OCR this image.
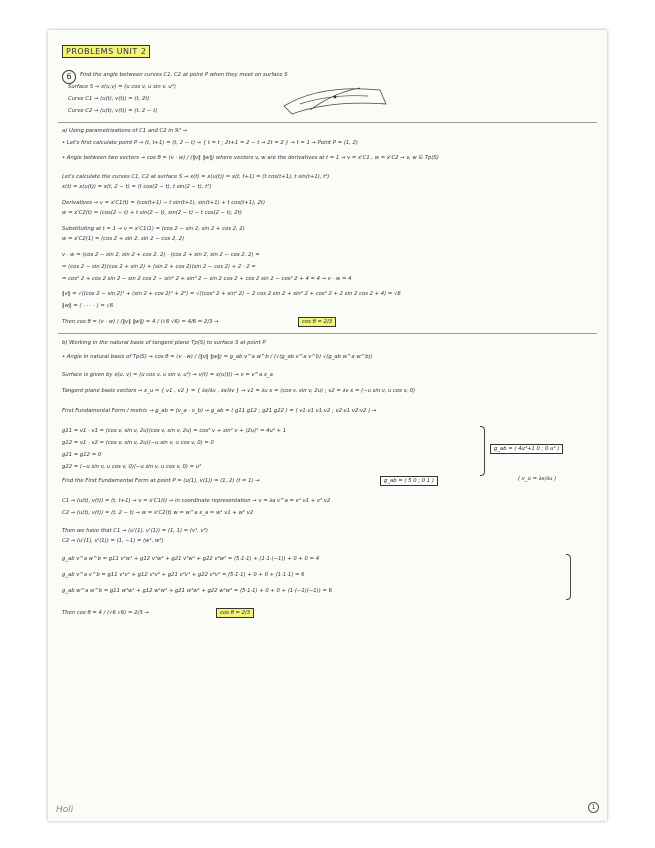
PROBLEMS UNIT 2
6	Find the angle between curves C1, C2 at point P when they meet on surface S
Surface S → x(u,v) = (u cos v, u sin v, u²)
Curve C1 → (u(t), v(t)) = (t, 2t)
Curve C2 → (u(t), v(t)) = (t, 2 − t)
a) Using parametrizations of C1 and C2 in ℝ³ →
• Let's first calculate point P → (t, t+1) = (t, 2 − t) → { t = t ; 2t+1 = 2 − t → 2t = 2 } → t = 1 → Point P = (1, 2)
• Angle between two vectors → cos θ = (v · w) / (‖v‖ ‖w‖) where vectors v, w are the derivatives at t = 1 → v = x'C1 , w = x'C2 → v, w ∈ Tp(S)
Let's calculate the curves C1, C2 at surface S → x(t) = x(u(t)) = x(t, t+1) = (t cos(t+1), t sin(t+1), t²)
x(t) = x(u(t)) = x(t, 2 − t) = (t cos(2 − t), t sin(2 − t), t²)
Derivatives → v = x'C1(t) = (cos(t+1) − t sin(t+1), sin(t+1) + t cos(t+1), 2t)
w = x'C2(t) = (cos(2 − t) + t sin(2 − t), sin(2 − t) − t cos(2 − t), 2t)
Substituting at t = 1 → v = x'C1(1) = (cos 2 − sin 2, sin 2 + cos 2, 2)
w = x'C2(1) = (cos 2 + sin 2, sin 2 − cos 2, 2)
v · w = (cos 2 − sin 2, sin 2 + cos 2, 2) · (cos 2 + sin 2, sin 2 − cos 2, 2) =
= (cos 2 − sin 2)(cos 2 + sin 2) + (sin 2 + cos 2)(sin 2 − cos 2) + 2 · 2 =
= cos² 2 + cos 2 sin 2 − sin 2 cos 2 − sin² 2 + sin² 2 − sin 2 cos 2 + cos 2 sin 2 − cos² 2 + 4 = 4 → v · w = 4
‖v‖ = √((cos 2 − sin 2)² + (sin 2 + cos 2)² + 2²) = √((cos² 2 + sin² 2) − 2 cos 2 sin 2 + sin² 2 + cos² 2 + 2 sin 2 cos 2 + 4) = √6
‖w‖ = ( · · · · ) = √6
Then cos θ = (v · w) / (‖v‖ ‖w‖) = 4 / (√6 √6) = 4/6 = 2/3 →	cos θ = 2/3
b) Working in the natural basis of tangent plane Tp(S) to surface S at point P
• Angle in natural basis of Tp(S) → cos θ = (v · w) / (‖v‖ ‖w‖) = g_ab v^a w^b / (√(g_ab v^a v^b) √(g_ab w^a w^b))
Surface is given by x(u, v) = (u cos v, u sin v, u²) → v(t) = x(u(t)) → v = v^a x_a
Tangent plane basis vectors → x_u = { v1 , v2 } = { ∂x/∂u , ∂x/∂v } → v1 = ∂u x = (cos v, sin v, 2u) ; v2 = ∂v x = (−u sin v, u cos v, 0)
First Fundamental Form / metric → g_ab = (v_a · v_b) → g_ab = ( g11 g12 ; g21 g22 ) = ( v1·v1 v1·v2 ; v2·v1 v2·v2 ) →
g11 = v1 · v1 = (cos v, sin v, 2u)(cos v, sin v, 2u) = cos² v + sin² v + (2u)² = 4u² + 1
g12 = v1 · v2 = (cos v, sin v, 2u)(−u sin v, u cos v, 0) = 0
g21 = g12 = 0
g22 = (−u sin v, u cos v, 0)(−u sin v, u cos v, 0) = u²
g_ab = ( 4u²+1 0 ; 0 u² )
( v_u = ∂x/∂u )
Find the First Fundamental Form at point P = (u(1), v(1)) = (1, 2) (t = 1) →	g_ab = ( 5 0 ; 0 1 )
C1 → (u(t), v(t)) = (t, t+1) → v = x'C1(t) → in coordinate representation → v = ∂a v^a = v¹ v1 + v² v2
C2 → (u(t), v(t)) = (t, 2 − t) → w = x'C2(t) w = w^a x_a = w¹ v1 + w² v2
Then we have that C1 → (u'(1), v'(1)) = (1, 1) = (v¹, v²)
C2 → (u'(1), v'(1)) = (1, −1) = (w¹, w²)
g_ab v^a w^b = g11 v¹w¹ + g12 v¹w² + g21 v²w¹ + g22 v²w² = (5·1·1) + (1·1·(−1)) + 0 + 0 = 4
g_ab v^a v^b = g11 v¹v¹ + g12 v¹v² + g21 v²v¹ + g22 v²v² = (5·1·1) + 0 + 0 + (1·1·1) = 6
g_ab w^a w^b = g11 w¹w¹ + g12 w¹w² + g21 w²w¹ + g22 w²w² = (5·1·1) + 0 + 0 + (1·(−1)(−1)) = 6
Then cos θ = 4 / (√6 √6) = 2/3 →	cos θ = 2/3
Holi	1
